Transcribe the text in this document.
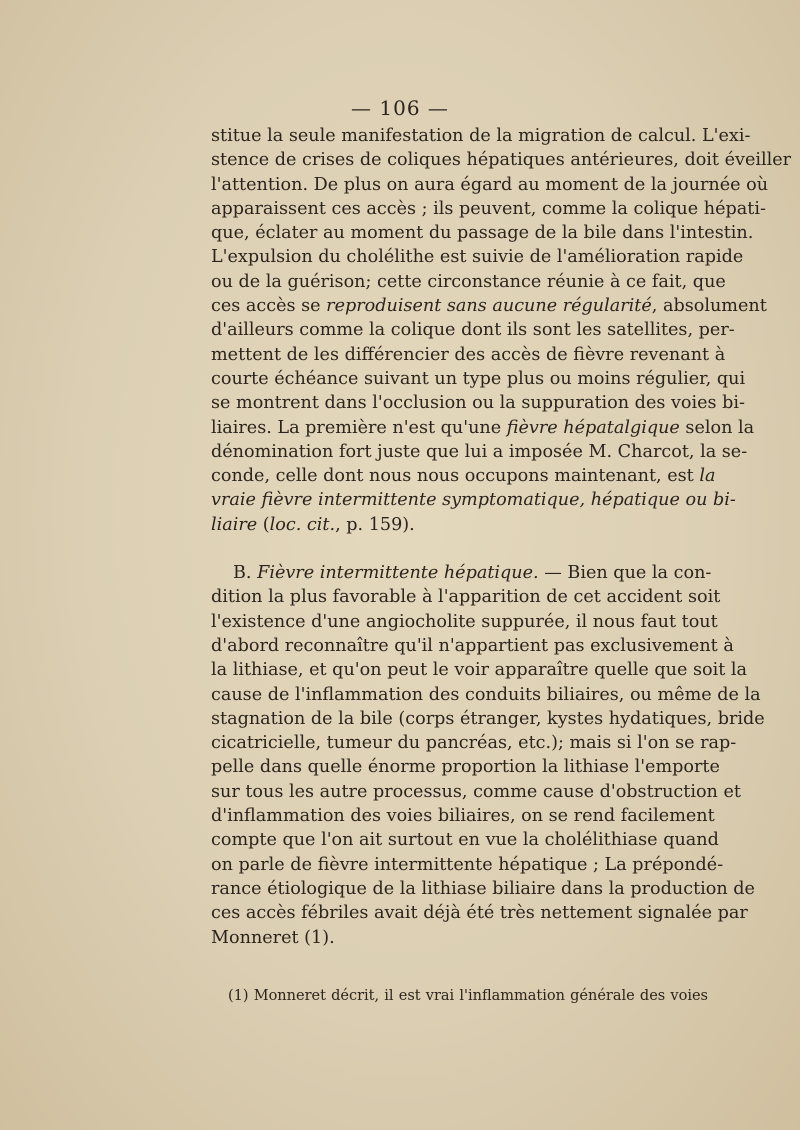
— 106 —
stitue la seule manifestation de la migration de calcul. L'exi-
stence de crises de coliques hépatiques antérieures, doit éveiller
l'attention. De plus on aura égard au moment de la journée où
apparaissent ces accès ; ils peuvent, comme la colique hépati-
que, éclater au moment du passage de la bile dans l'intestin.
L'expulsion du cholélithe est suivie de l'amélioration rapide
ou de la guérison; cette circonstance réunie à ce fait, que
ces accès se reproduisent sans aucune régularité, absolument
d'ailleurs comme la colique dont ils sont les satellites, per-
mettent de les différencier des accès de fièvre revenant à
courte échéance suivant un type plus ou moins régulier, qui
se montrent dans l'occlusion ou la suppuration des voies bi-
liaires. La première n'est qu'une fièvre hépatalgique selon la
dénomination fort juste que lui a imposée M. Charcot, la se-
conde, celle dont nous nous occupons maintenant, est la
vraie fièvre intermittente symptomatique, hépatique ou bi-
liaire (loc. cit., p. 159).
B. Fièvre intermittente hépatique. — Bien que la con-
dition la plus favorable à l'apparition de cet accident soit
l'existence d'une angiocholite suppurée, il nous faut tout
d'abord reconnaître qu'il n'appartient pas exclusivement à
la lithiase, et qu'on peut le voir apparaître quelle que soit la
cause de l'inflammation des conduits biliaires, ou même de la
stagnation de la bile (corps étranger, kystes hydatiques, bride
cicatricielle, tumeur du pancréas, etc.); mais si l'on se rap-
pelle dans quelle énorme proportion la lithiase l'emporte
sur tous les autre processus, comme cause d'obstruction et
d'inflammation des voies biliaires, on se rend facilement
compte que l'on ait surtout en vue la cholélithiase quand
on parle de fièvre intermittente hépatique ; La prépondé-
rance étiologique de la lithiase biliaire dans la production de
ces accès fébriles avait déjà été très nettement signalée par
Monneret (1).
(1) Monneret décrit, il est vrai l'inflammation générale des voies
